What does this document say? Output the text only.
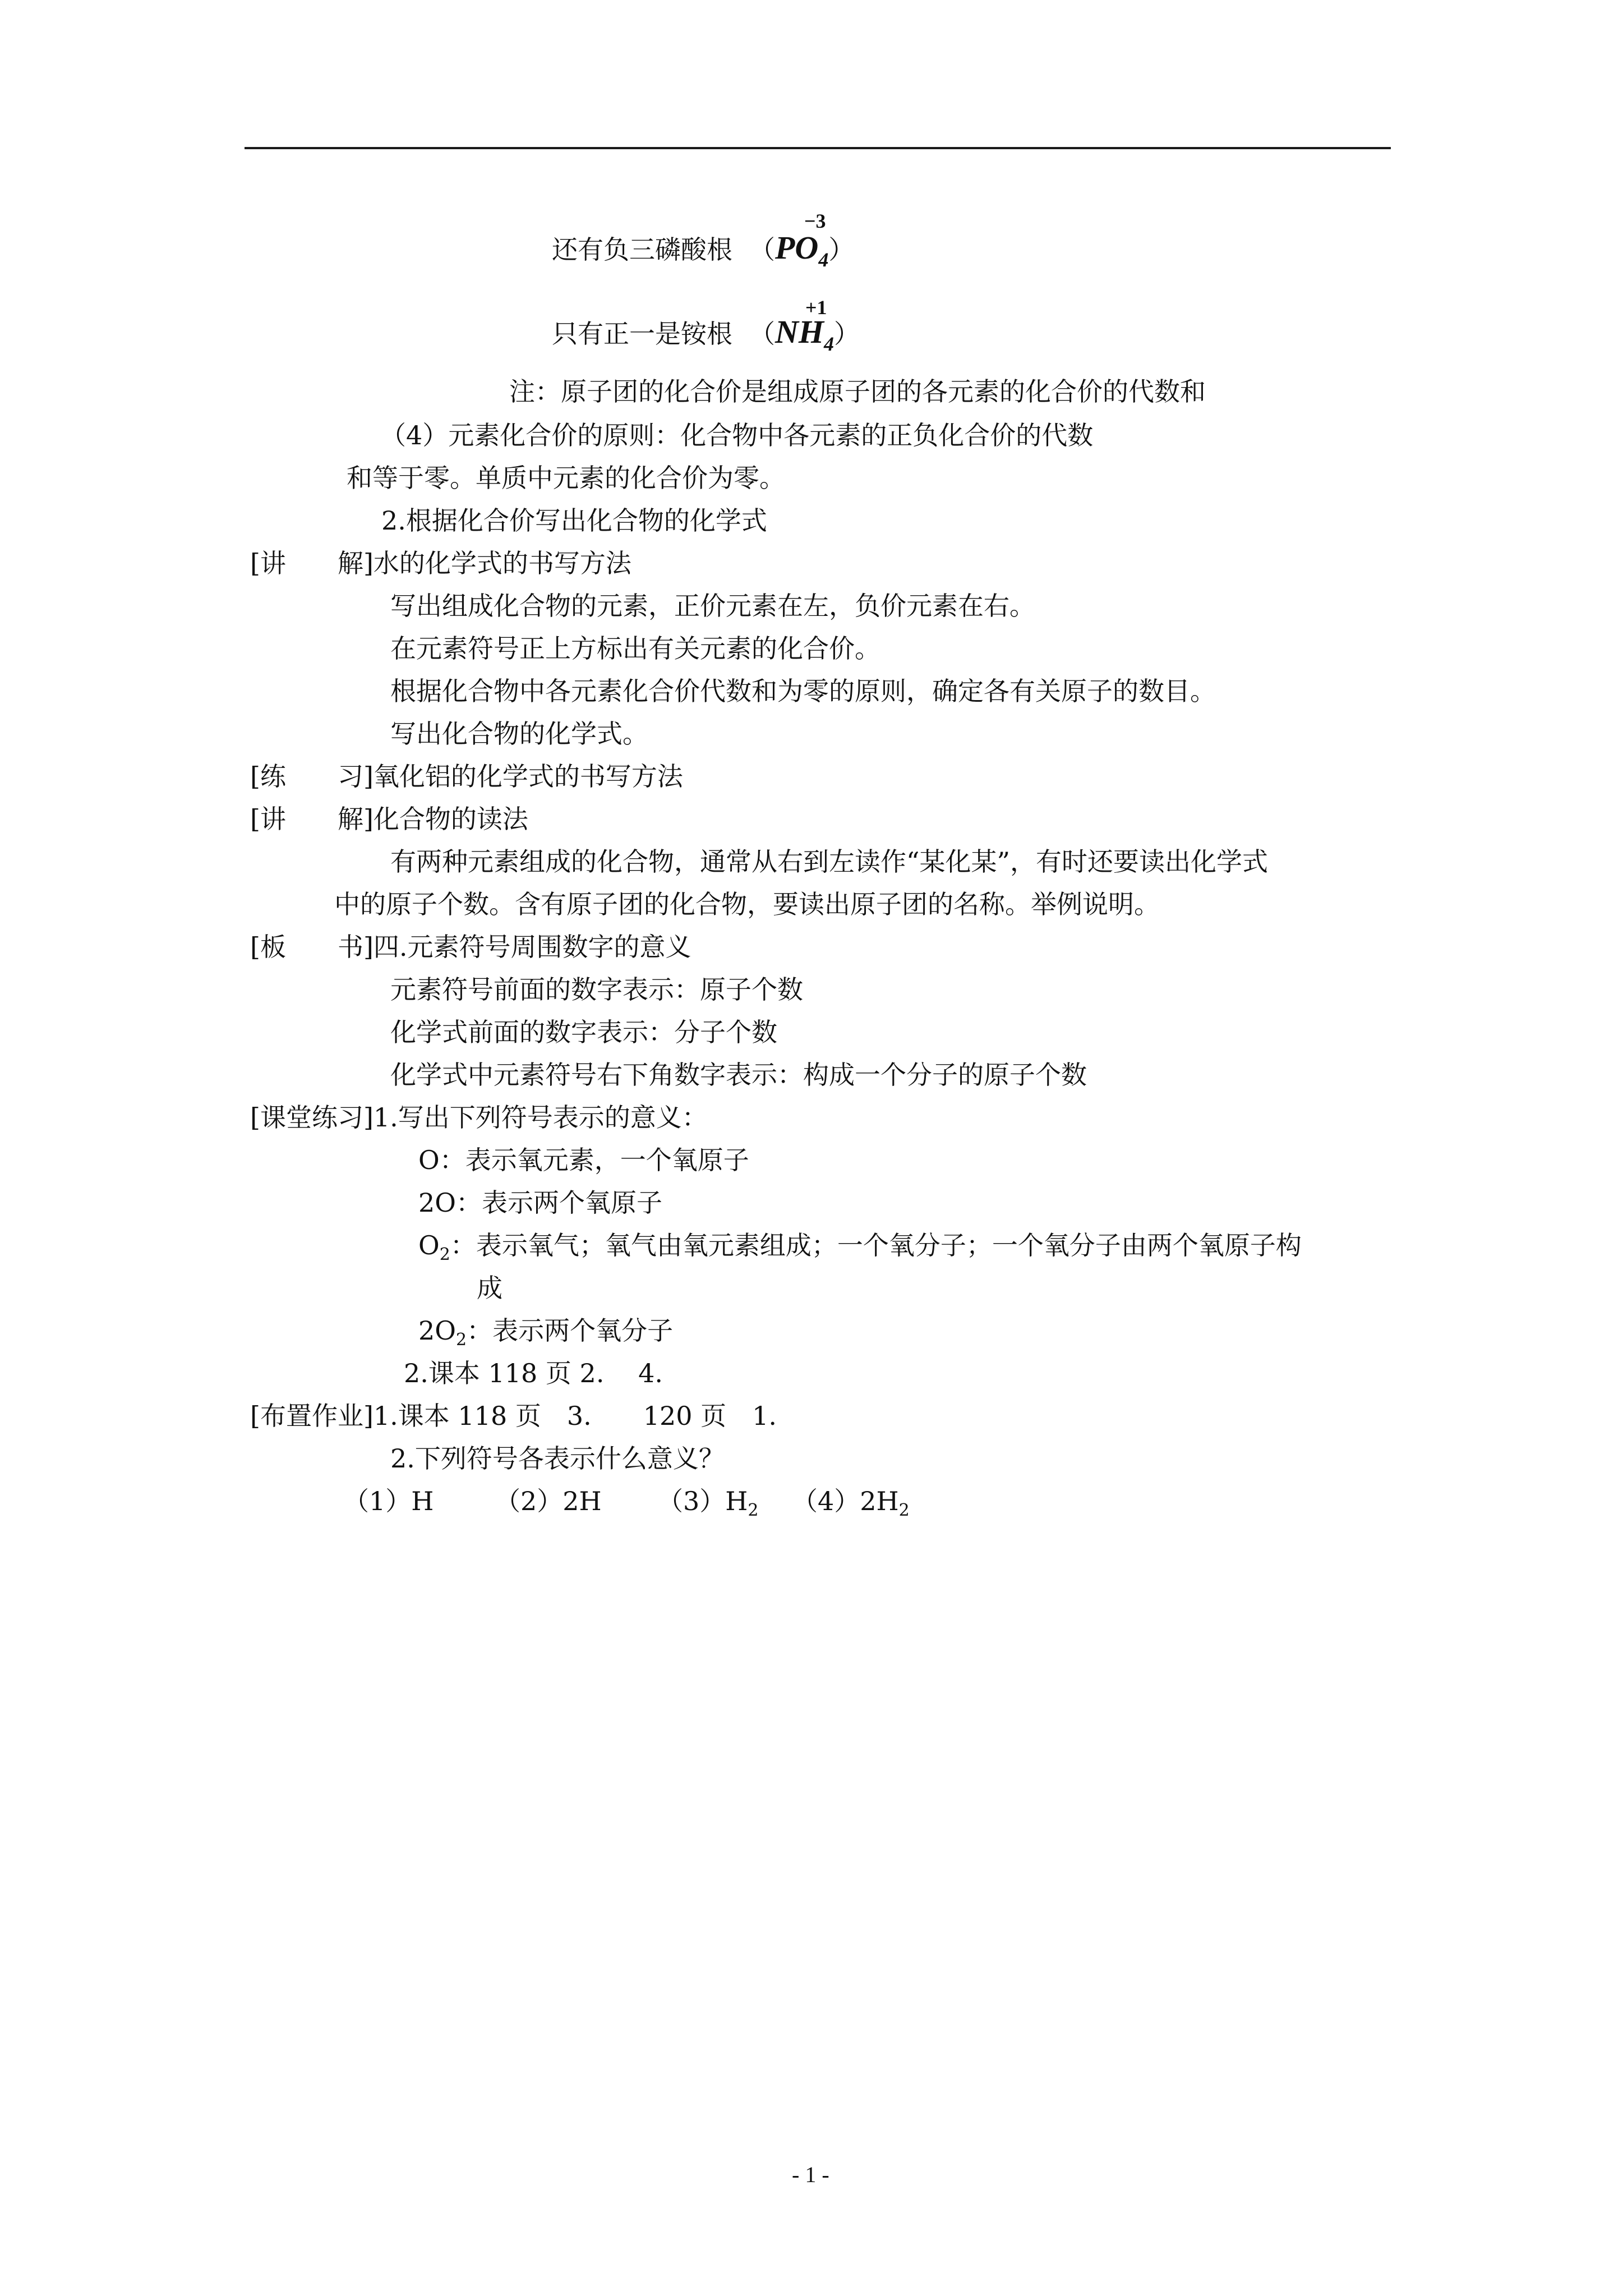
还有负三磷酸根 $(PO_4)$
−3
只有正一是铵根 $(NH_4)$
+1
注：原子团的化合价是组成原子团的各元素的化合价的代数和
（4）元素化合价的原则：化合物中各元素的正负化合价的代数
和等于零。单质中元素的化合价为零。
2.根据化合价写出化合物的化学式
[讲　　解]水的化学式的书写方法
写出组成化合物的元素，正价元素在左，负价元素在右。
在元素符号正上方标出有关元素的化合价。
根据化合物中各元素化合价代数和为零的原则，确定各有关原子的数目。
写出化合物的化学式。
[练　　习]氧化铝的化学式的书写方法
[讲　　解]化合物的读法
有两种元素组成的化合物，通常从右到左读作“某化某”，有时还要读出化学式
中的原子个数。含有原子团的化合物，要读出原子团的名称。举例说明。
[板　　书]四.元素符号周围数字的意义
元素符号前面的数字表示：原子个数
化学式前面的数字表示：分子个数
化学式中元素符号右下角数字表示：构成一个分子的原子个数
[课堂练习]1.写出下列符号表示的意义：
O：表示氧元素，一个氧原子
2O：表示两个氧原子
$O_2$：表示氧气；氧气由氧元素组成；一个氧分子；一个氧分子由两个氧原子构
成
$2O_2$：表示两个氧分子
2.课本 118 页 2.　 4.
[布置作业]1.课本 118 页　3.　　120 页　1.
2.下列符号各表示什么意义？
（1）H （2）2H $(3)H_2$ $(4)2H_2$
- 1 -
